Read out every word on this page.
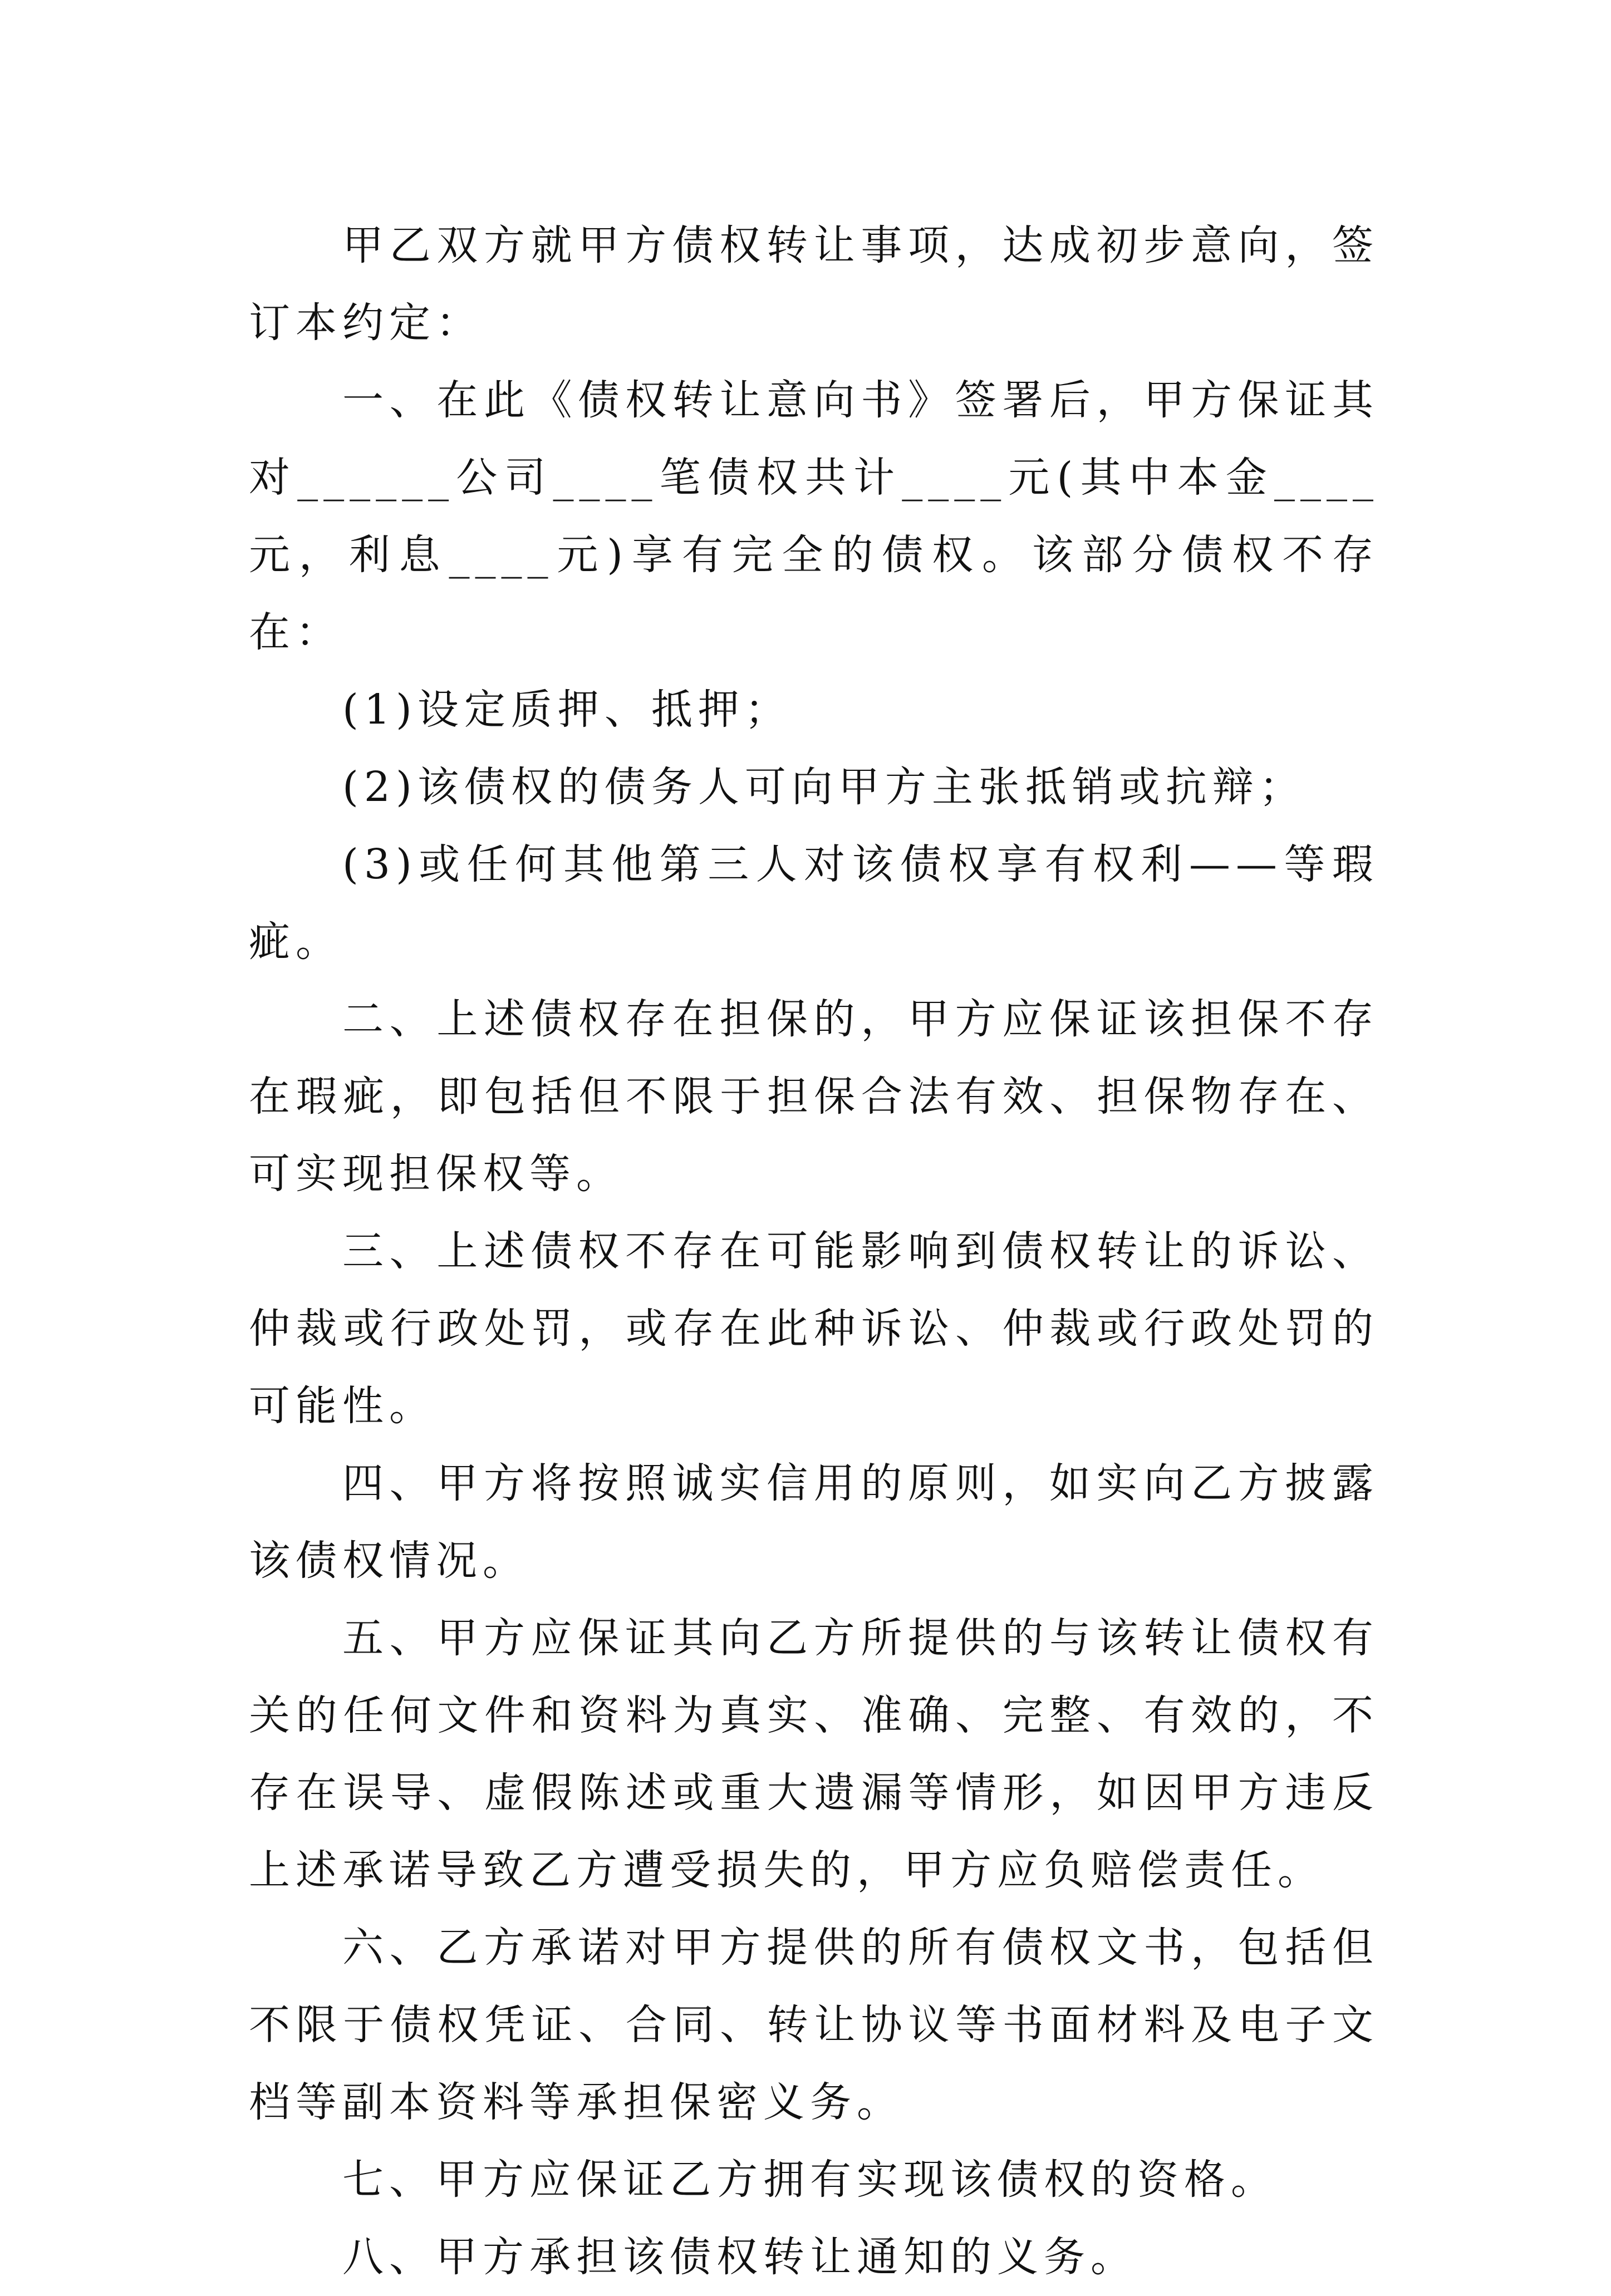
甲乙双方就甲方债权转让事项，达成初步意向，签订本约定：

一、在此《债权转让意向书》签署后，甲方保证其对______公司____笔债权共计____元(其中本金____元，利息____元)享有完全的债权。该部分债权不存在：

(1)设定质押、抵押；

(2)该债权的债务人可向甲方主张抵销或抗辩；

(3)或任何其他第三人对该债权享有权利——等瑕疵。

二、上述债权存在担保的，甲方应保证该担保不存在瑕疵，即包括但不限于担保合法有效、担保物存在、可实现担保权等。

三、上述债权不存在可能影响到债权转让的诉讼、仲裁或行政处罚，或存在此种诉讼、仲裁或行政处罚的可能性。

四、甲方将按照诚实信用的原则，如实向乙方披露该债权情况。

五、甲方应保证其向乙方所提供的与该转让债权有关的任何文件和资料为真实、准确、完整、有效的，不存在误导、虚假陈述或重大遗漏等情形，如因甲方违反上述承诺导致乙方遭受损失的，甲方应负赔偿责任。

六、乙方承诺对甲方提供的所有债权文书，包括但不限于债权凭证、合同、转让协议等书面材料及电子文档等副本资料等承担保密义务。

七、甲方应保证乙方拥有实现该债权的资格。

八、甲方承担该债权转让通知的义务。
